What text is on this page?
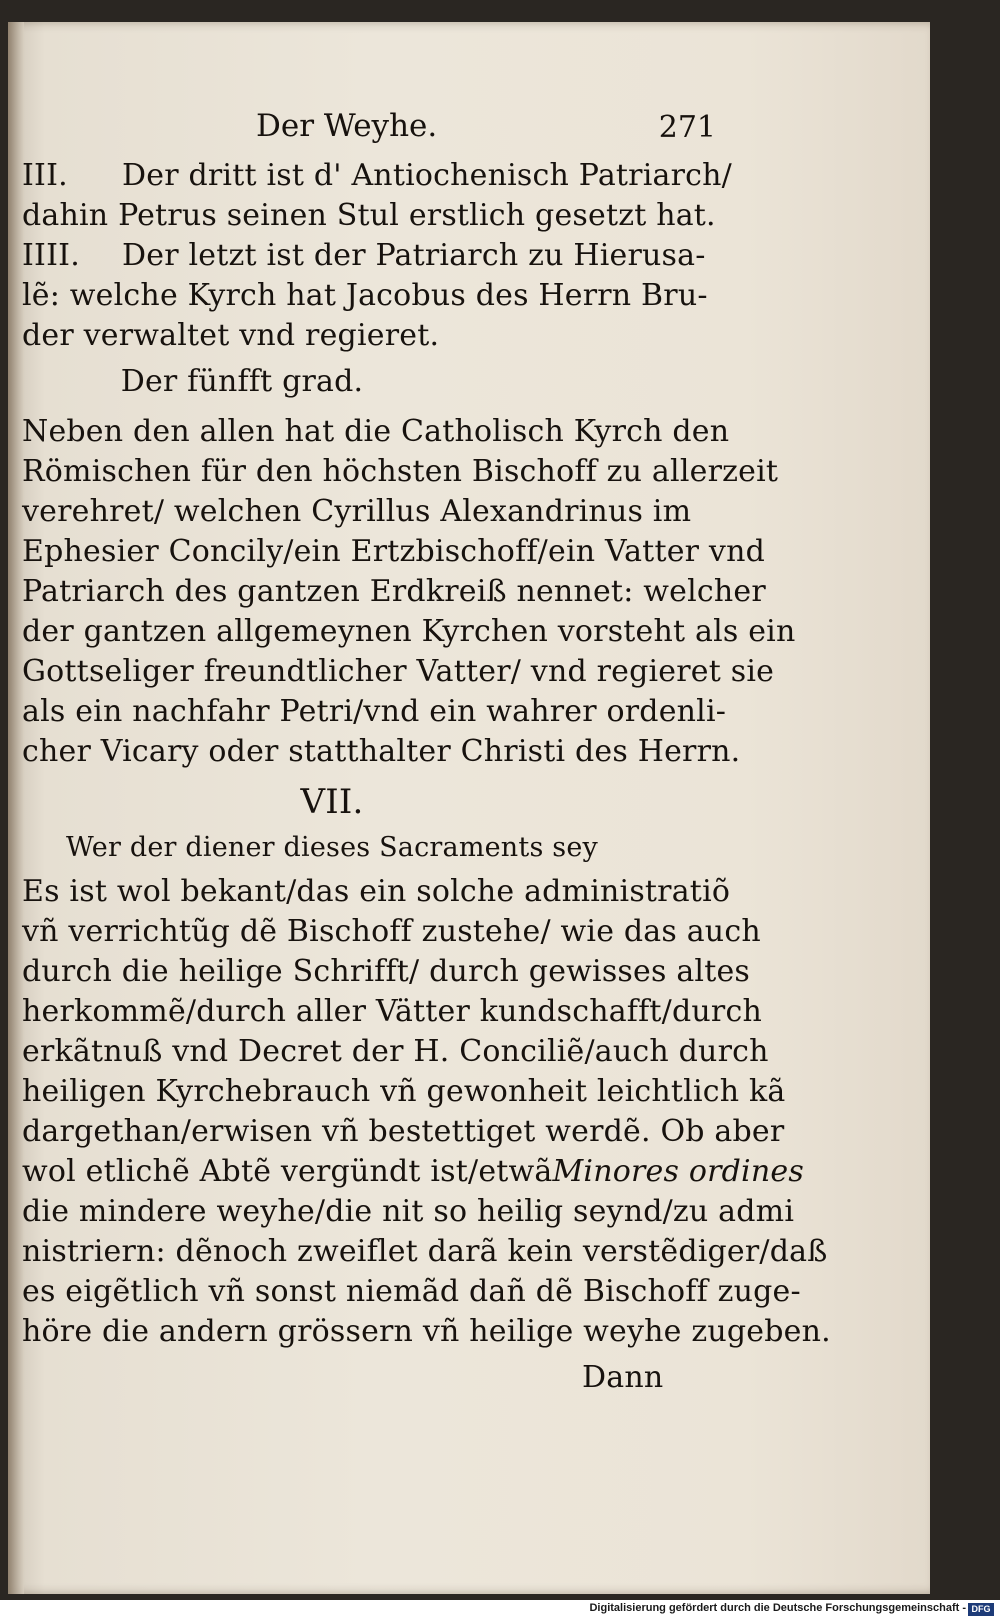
Der Weyhe.	271
III. Der dritt ist d' Antiochenisch Patriarch/
dahin Petrus seinen Stul erstlich gesetzt hat.
IIII. Der letzt ist der Patriarch zu Hierusa-
lẽ: welche Kyrch hat Jacobus des Herrn Bru-
der verwaltet vnd regieret.
Der fünfft grad.
Neben den allen hat die Catholisch Kyrch den
Römischen für den höchsten Bischoff zu allerzeit
verehret/ welchen Cyrillus Alexandrinus im
Ephesier Concily/ein Ertzbischoff/ein Vatter vnd
Patriarch des gantzen Erdkreiß nennet: welcher
der gantzen allgemeynen Kyrchen vorsteht als ein
Gottseliger freundtlicher Vatter/ vnd regieret sie
als ein nachfahr Petri/vnd ein wahrer ordenli-
cher Vicary oder statthalter Christi des Herrn.
VII.
Wer der diener dieses Sacraments sey
Es ist wol bekant/das ein solche administratiõ
vñ verrichtũg dẽ Bischoff zustehe/ wie das auch
durch die heilige Schrifft/ durch gewisses altes
herkommẽ/durch aller Vätter kundschafft/durch
erkãtnuß vnd Decret der H. Conciliẽ/auch durch
heiligen Kyrchebrauch vñ gewonheit leichtlich kã
dargethan/erwisen vñ bestettiget werdẽ. Ob aber
wol etlichẽ Abtẽ vergündt ist/etwãMinores ordines
die mindere weyhe/die nit so heilig seynd/zu admi
nistriern: dẽnoch zweiflet darã kein verstẽdiger/daß
es eigẽtlich vñ sonst niemãd dañ dẽ Bischoff zuge-
höre die andern grössern vñ heilige weyhe zugeben.
Dann
Digitalisierung gefördert durch die Deutsche Forschungsgemeinschaft - DFG
